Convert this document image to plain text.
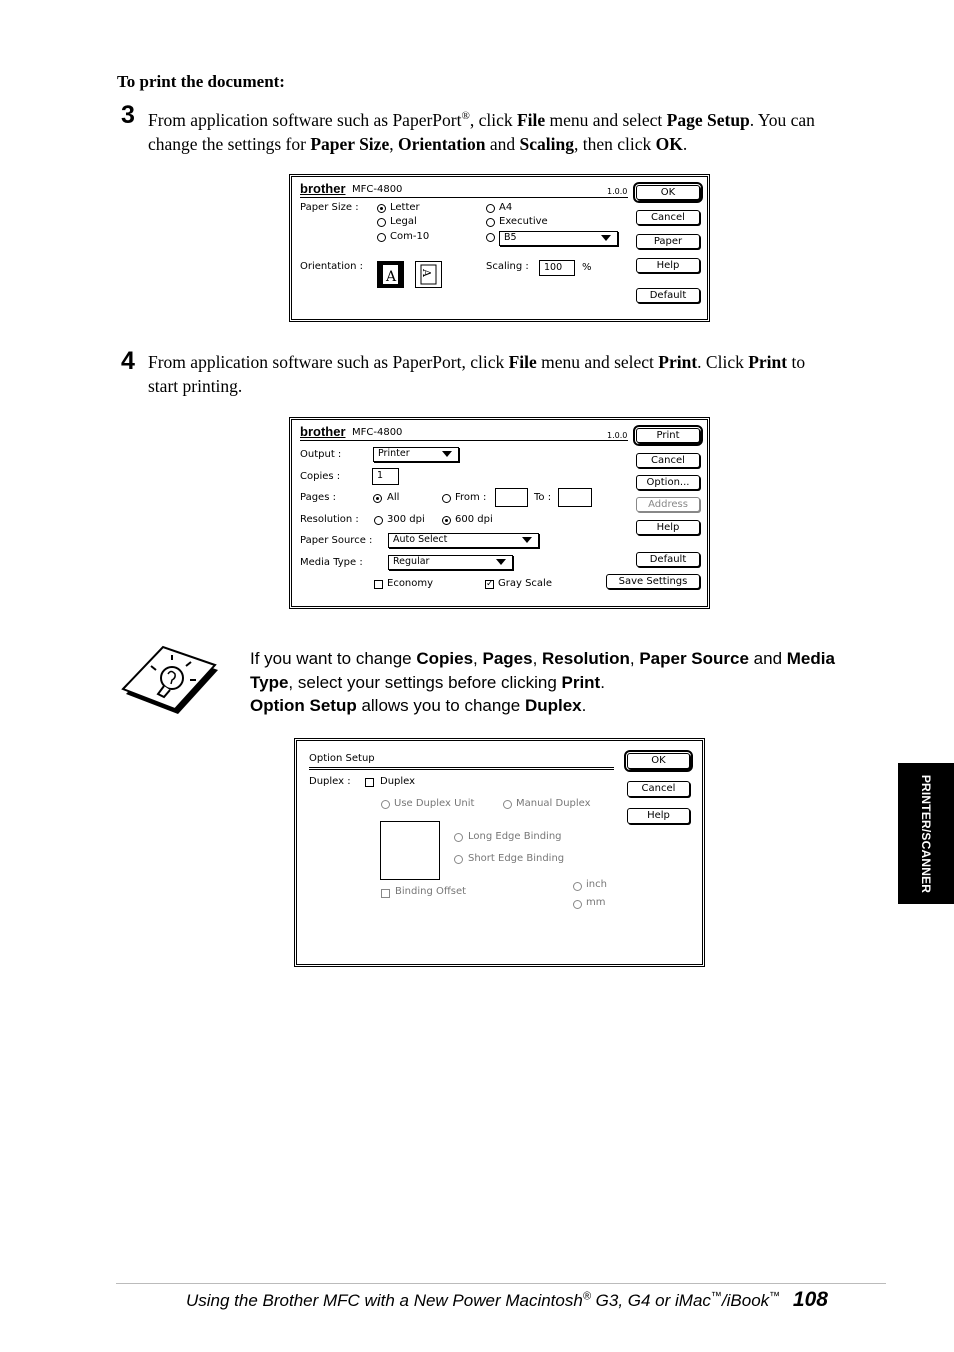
To print the document:
3 From application software such as PaperPort®, click File menu and select Page Setup. You can
change the settings for Paper Size, Orientation and Scaling, then click OK.
brother MFC-4800	1.0.0
Paper Size :	Letter
Legal
Com-10
A4
Executive
B5
Orientation :
A A
Scaling :	100	%
OK
Cancel
Paper
Help
Default
4 From application software such as PaperPort, click File menu and select Print. Click Print to
start printing.
brother MFC-4800	1.0.0
Output :	Printer
Copies :	1
Pages :	All	From :	To :
Resolution :	300 dpi	600 dpi
Paper Source :	Auto Select
Media Type :	Regular
Economy	✓ Gray Scale
Print
Cancel
Option...
Address
Help
Default
Save Settings
If you want to change Copies, Pages, Resolution, Paper Source and Media
Type, select your settings before clicking Print.
Option Setup allows you to change Duplex.
Option Setup
Duplex :	Duplex
Use Duplex Unit	Manual Duplex
Long Edge Binding
Short Edge Binding
Binding Offset
inch
mm
OK
Cancel
Help	PRINTER/SCANNER
Using the Brother MFC with a New Power Macintosh® G3, G4 or iMac™/iBook™ 108
